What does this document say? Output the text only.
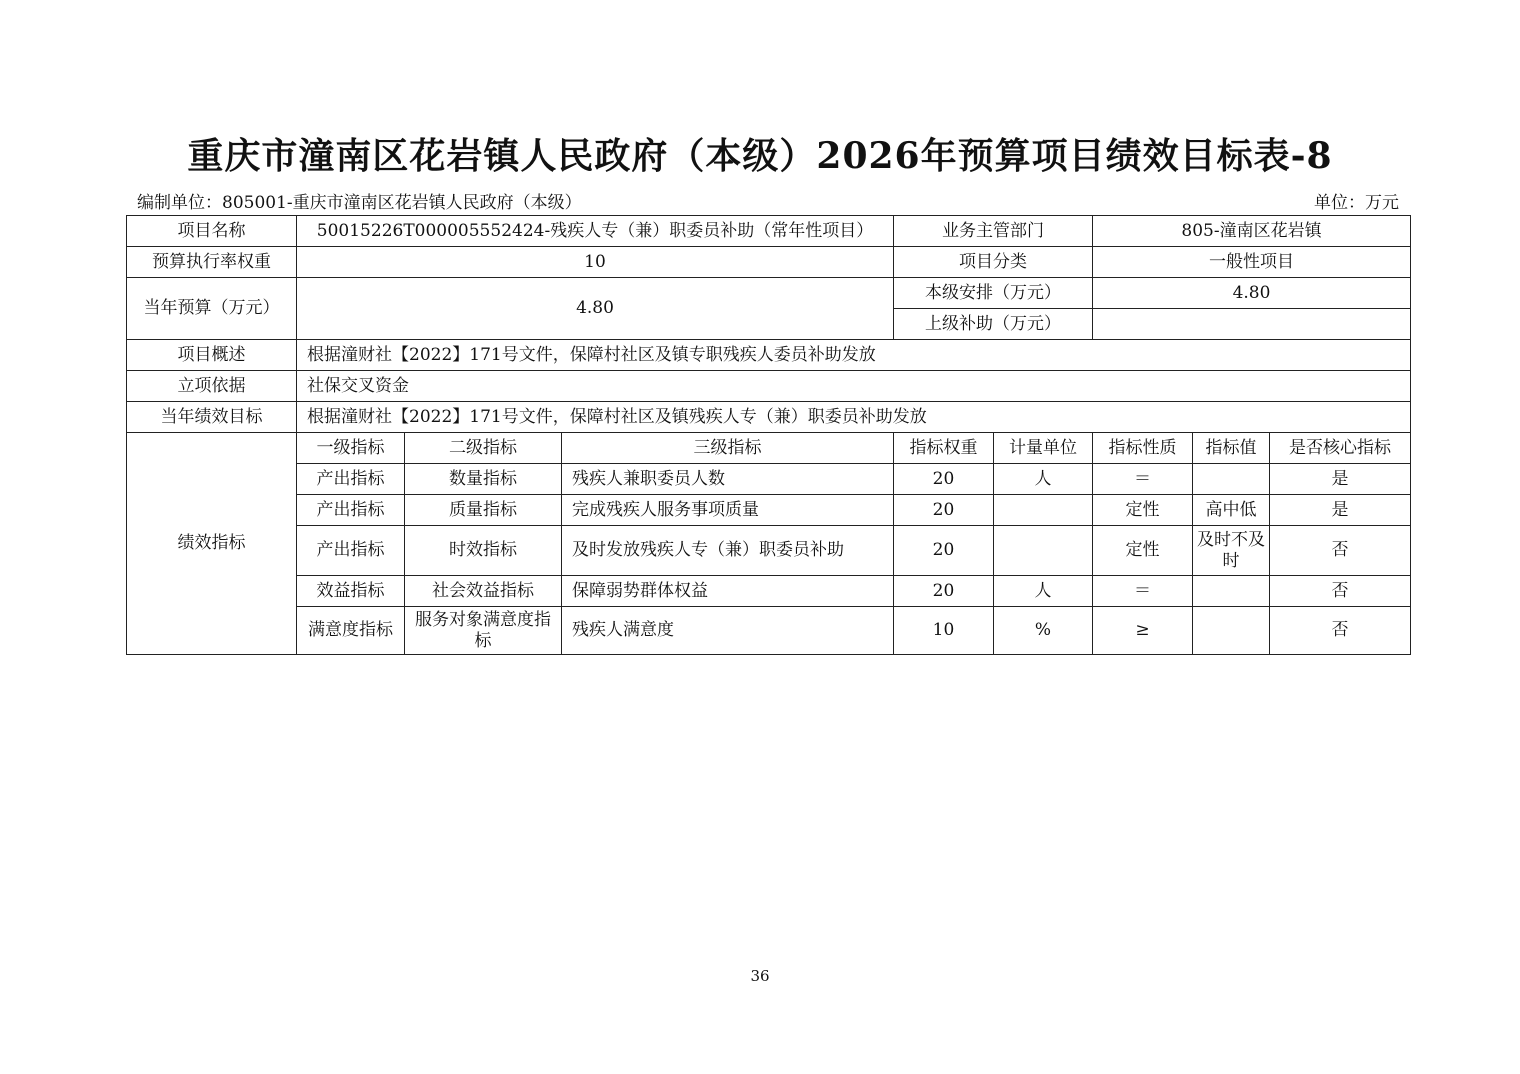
重庆市潼南区花岩镇人民政府（本级）2026年预算项目绩效目标表-8
编制单位：805001-重庆市潼南区花岩镇人民政府（本级）	单位：万元
项目名称	50015226T000005552424-残疾人专（兼）职委员补助（常年性项目）			业务主管部门		805-潼南区花岩镇		
预算执行率权重	10			项目分类		一般性项目		
当年预算（万元）	4.80			本级安排（万元）		4.80		
				上级补助（万元）				
项目概述	根据潼财社【2022】171号文件，保障村社区及镇专职残疾人委员补助发放							
立项依据	社保交叉资金							
当年绩效目标	根据潼财社【2022】171号文件，保障村社区及镇残疾人专（兼）职委员补助发放							
绩效指标	一级指标	二级指标	三级指标	指标权重	计量单位	指标性质	指标值	是否核心指标
	产出指标	数量指标	残疾人兼职委员人数	20	人	＝		是
	产出指标	质量指标	完成残疾人服务事项质量	20		定性	高中低	是
	产出指标	时效指标	及时发放残疾人专（兼）职委员补助	20		定性	及时不及时	否
	效益指标	社会效益指标	保障弱势群体权益	20	人	＝		否
	满意度指标	服务对象满意度指标	残疾人满意度	10	%	≥		否
36
